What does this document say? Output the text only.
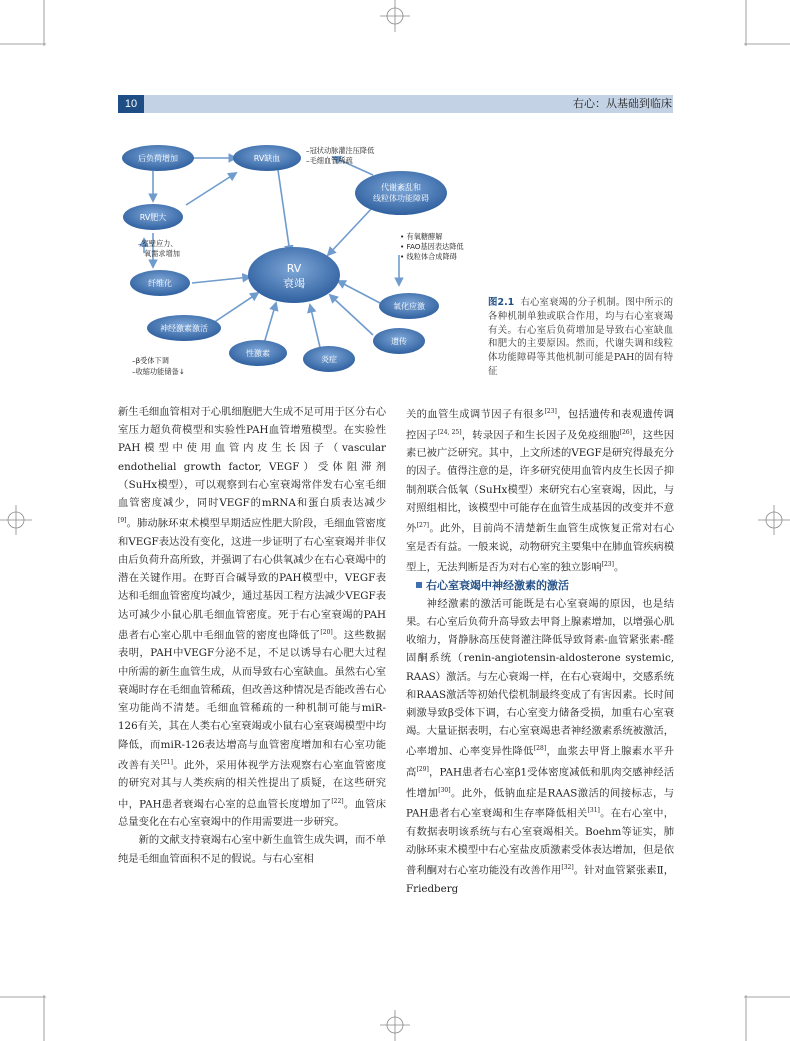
10	右心：从基础到临床
后负荷增加	RV缺血
代谢紊乱和
线粒体功能障碍
RV肥大
纤维化
RV
衰竭
氧化应激
神经激素激活
遗传
性激素
炎症
–冠状动脉灌注压降低
–毛细血管稀疏
–室壁应力、
氧需求增加
• 有氧糖酵解
• FAO基因表达降低
• 线粒体合成降碍
–β受体下调
–收缩功能储备↓
图2.1 右心室衰竭的分子机制。图中所示的各种机制单独或联合作用，均与右心室衰竭有关。右心室后负荷增加是导致右心室缺血和肥大的主要原因。然而，代谢失调和线粒体功能障碍等其他机制可能是PAH的固有特征

新生毛细血管相对于心肌细胞肥大生成不足可用于区分右心室压力超负荷模型和实验性PAH血管增殖模型。在实验性PAH模型中使用血管内皮生长因子（vascular endothelial growth factor, VEGF）受体阻滞剂（SuHx模型），可以观察到右心室衰竭常伴发右心室毛细血管密度减少，同时VEGF的mRNA和蛋白质表达减少[9]。肺动脉环束术模型早期适应性肥大阶段，毛细血管密度和VEGF表达没有变化，这进一步证明了右心室衰竭并非仅由后负荷升高所致，并强调了右心供氧减少在右心衰竭中的潜在关键作用。在野百合碱导致的PAH模型中，VEGF表达和毛细血管密度均减少，通过基因工程方法减少VEGF表达可减少小鼠心肌毛细血管密度。死于右心室衰竭的PAH患者右心室心肌中毛细血管的密度也降低了[20]。这些数据表明，PAH中VEGF分泌不足，不足以诱导右心肥大过程中所需的新生血管生成，从而导致右心室缺血。虽然右心室衰竭时存在毛细血管稀疏，但改善这种情况是否能改善右心室功能尚不清楚。毛细血管稀疏的一种机制可能与miR-126有关，其在人类右心室衰竭或小鼠右心室衰竭模型中均降低，而miR-126表达增高与血管密度增加和右心室功能改善有关[21]。此外，采用体视学方法观察右心室血管密度的研究对其与人类疾病的相关性提出了质疑，在这些研究中，PAH患者衰竭右心室的总血管长度增加了[22]。血管床总量变化在右心室衰竭中的作用需要进一步研究。

新的文献支持衰竭右心室中新生血管生成失调，而不单纯是毛细血管面积不足的假说。与右心室相

关的血管生成调节因子有很多[23]，包括遗传和表观遗传调控因子[24, 25]，转录因子和生长因子及免疫细胞[26]，这些因素已被广泛研究。其中，上文所述的VEGF是研究得最充分的因子。值得注意的是，许多研究使用血管内皮生长因子抑制剂联合低氧（SuHx模型）来研究右心室衰竭，因此，与对照组相比，该模型中可能存在血管生成基因的改变并不意外[27]。此外，目前尚不清楚新生血管生成恢复正常对右心室是否有益。一般来说，动物研究主要集中在肺血管疾病模型上，无法判断是否为对右心室的独立影响[23]。

右心室衰竭中神经激素的激活

神经激素的激活可能既是右心室衰竭的原因，也是结果。右心室后负荷升高导致去甲肾上腺素增加，以增强心肌收缩力，肾静脉高压使肾灌注降低导致肾素-血管紧张素-醛固酮系统（renin-angiotensin-aldosterone systemic, RAAS）激活。与左心衰竭一样，在右心衰竭中，交感系统和RAAS激活等初始代偿机制最终变成了有害因素。长时间刺激导致β受体下调，右心室变力储备受损，加重右心室衰竭。大量证据表明，右心室衰竭患者神经激素系统被激活，心率增加、心率变异性降低[28]，血浆去甲肾上腺素水平升高[29]，PAH患者右心室β1受体密度减低和肌肉交感神经活性增加[30]。此外，低钠血症是RAAS激活的间接标志，与PAH患者右心室衰竭和生存率降低相关[31]。在右心室中，有数据表明该系统与右心室衰竭相关。Boehm等证实，肺动脉环束术模型中右心室盐皮质激素受体表达增加，但是依普利酮对右心室功能没有改善作用[32]。针对血管紧张素Ⅱ，Friedberg
